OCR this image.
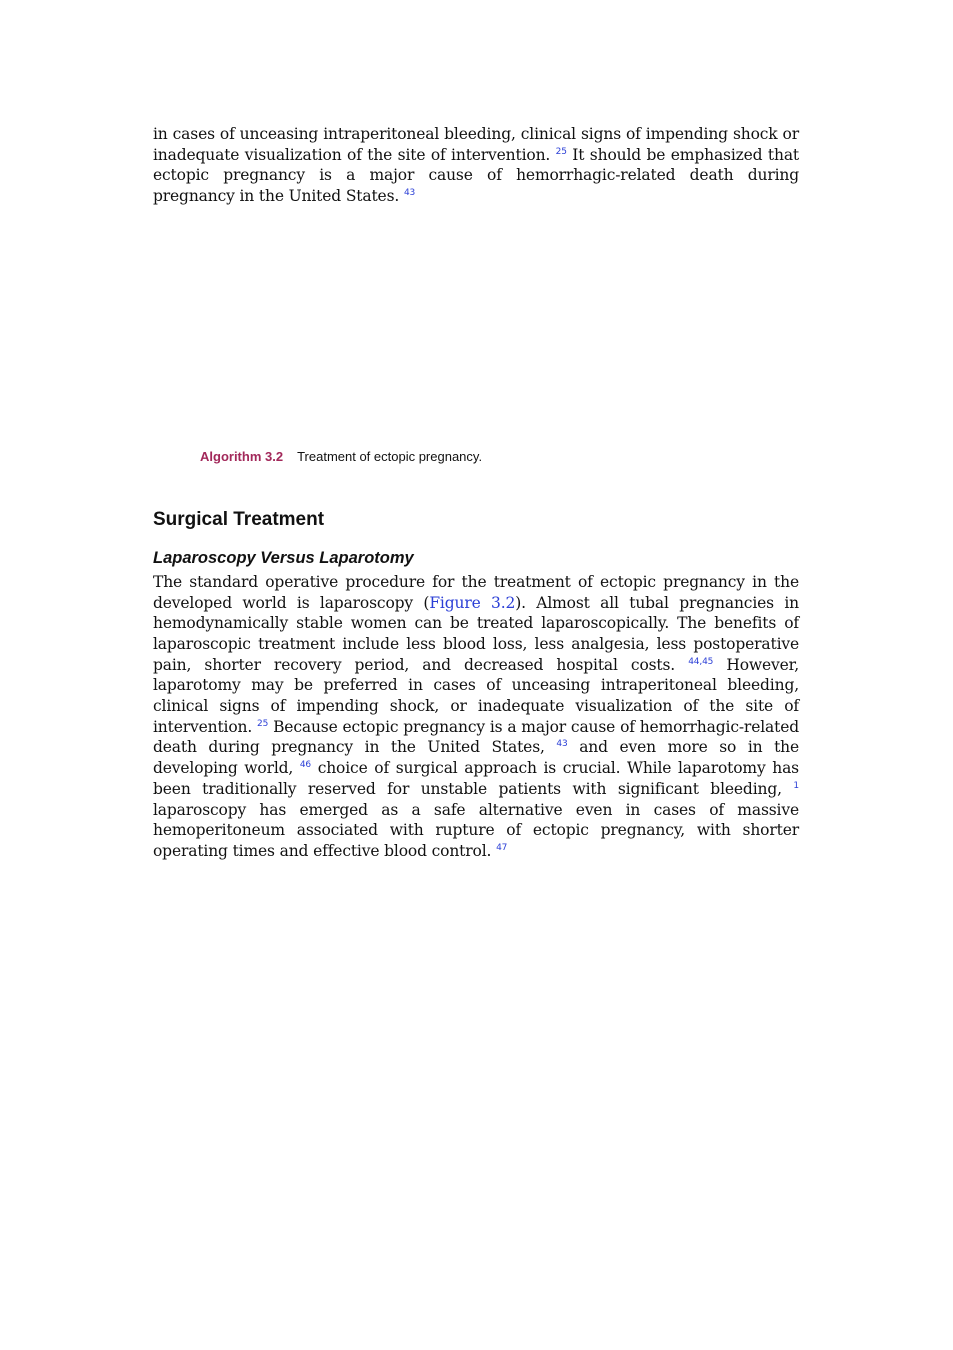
in cases of unceasing intraperitoneal bleeding, clinical signs of impending shock or inadequate visualization of the site of intervention. $^{25}$ It should be emphasized that ectopic pregnancy is a major cause of hemorrhagic-related death during pregnancy in the United States. $^{43}$

Algorithm 3.2 Treatment of ectopic pregnancy.
Surgical Treatment
Laparoscopy Versus Laparotomy

The standard operative procedure for the treatment of ectopic pregnancy in the developed world is laparoscopy (Figure 3.2). Almost all tubal pregnancies in hemodynamically stable women can be treated laparoscopically. The benefits of laparoscopic treatment include less blood loss, less analgesia, less postoperative pain, shorter recovery period, and decreased hospital costs. $^{44,45}$ However, laparotomy may be preferred in cases of unceasing intraperitoneal bleeding, clinical signs of impending shock, or inadequate visualization of the site of intervention. $^{25}$ Because ectopic pregnancy is a major cause of hemorrhagic-related death during pregnancy in the United States, $^{43}$ and even more so in the developing world, $^{46}$ choice of surgical approach is crucial. While laparotomy has been traditionally reserved for unstable patients with significant bleeding, $^1$ laparoscopy has emerged as a safe alternative even in cases of massive hemoperitoneum associated with rupture of ectopic pregnancy, with shorter operating times and effective blood control. $^{47}$
